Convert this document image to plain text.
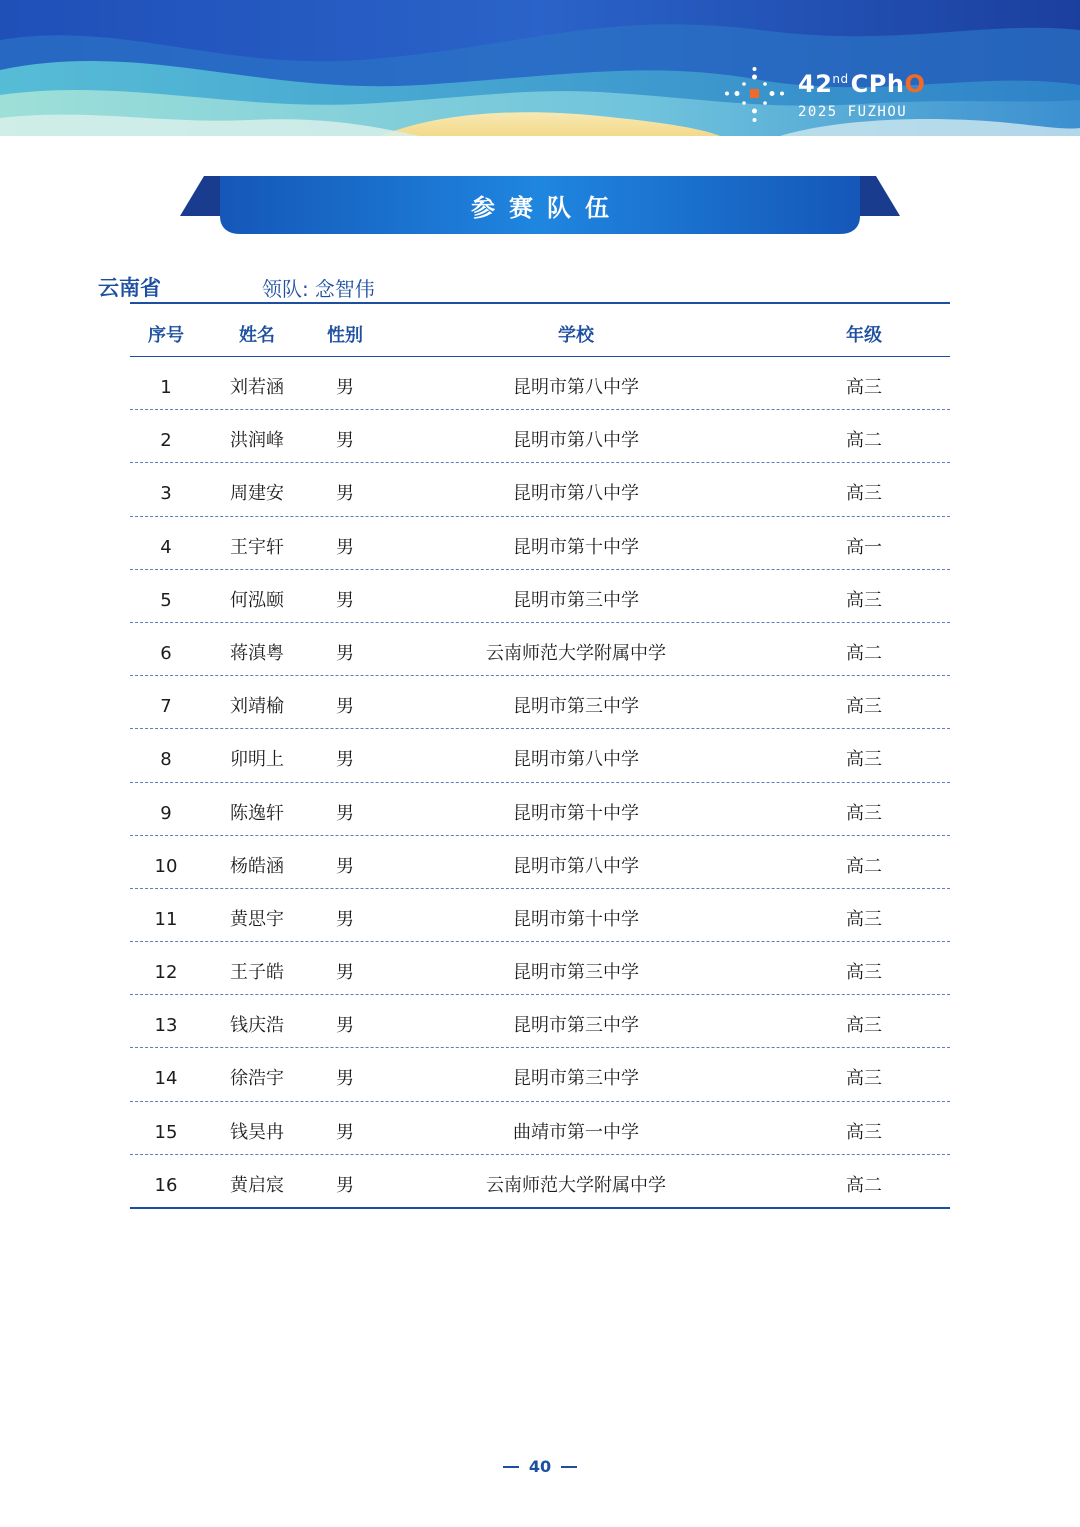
42ndCPhO
2025 FUZHOU
参赛队伍
云南省	领队: 念智伟
序号	姓名	性别	学校	年级
1	刘若涵	男	昆明市第八中学	高三
2	洪润峰	男	昆明市第八中学	高二
3	周建安	男	昆明市第八中学	高三
4	王宇轩	男	昆明市第十中学	高一
5	何泓颐	男	昆明市第三中学	高三
6	蒋滇粤	男	云南师范大学附属中学	高二
7	刘靖榆	男	昆明市第三中学	高三
8	卯明上	男	昆明市第八中学	高三
9	陈逸轩	男	昆明市第十中学	高三
10	杨皓涵	男	昆明市第八中学	高二
11	黄思宇	男	昆明市第十中学	高三
12	王子皓	男	昆明市第三中学	高三
13	钱庆浩	男	昆明市第三中学	高三
14	徐浩宇	男	昆明市第三中学	高三
15	钱昊冉	男	曲靖市第一中学	高三
16	黄启宸	男	云南师范大学附属中学	高二
40
